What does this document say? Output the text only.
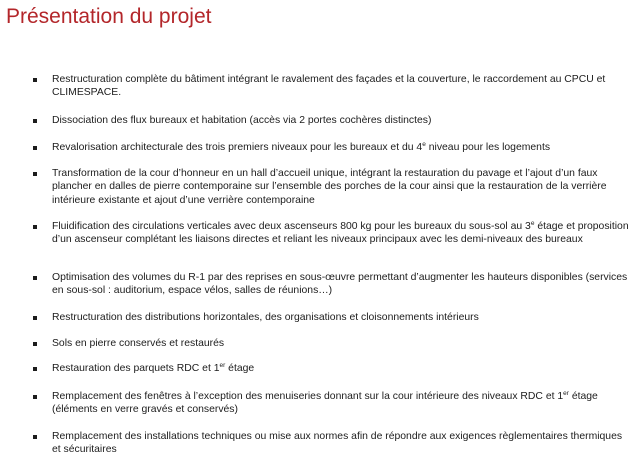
Présentation du projet
Restructuration complète du bâtiment intégrant le ravalement des façades et la couverture, le raccordement au CPCU et CLIMESPACE.
Dissociation des flux bureaux et habitation (accès via 2 portes cochères distinctes)
Revalorisation architecturale des trois premiers niveaux pour les bureaux et du 4e niveau pour les logements
Transformation de la cour d’honneur en un hall d’accueil unique, intégrant la restauration du pavage et l’ajout d’un faux plancher en dalles de pierre contemporaine sur l’ensemble des porches de la cour ainsi que la restauration de la verrière intérieure existante et ajout d’une verrière contemporaine
Fluidification des circulations verticales avec deux ascenseurs 800 kg pour les bureaux du sous-sol au 3e étage et proposition d’un ascenseur complétant les liaisons directes et reliant les niveaux principaux avec les demi-niveaux des bureaux
Optimisation des volumes du R-1 par des reprises en sous-œuvre permettant d’augmenter les hauteurs disponibles (services en sous-sol : auditorium, espace vélos, salles de réunions…)
Restructuration des distributions horizontales, des organisations et cloisonnements intérieurs
Sols en pierre conservés et restaurés
Restauration des parquets RDC et 1er étage
Remplacement des fenêtres à l’exception des menuiseries donnant sur la cour intérieure des niveaux RDC et 1er étage (éléments en verre gravés et conservés)
Remplacement des installations techniques ou mise aux normes afin de répondre aux exigences règlementaires thermiques et sécuritaires
